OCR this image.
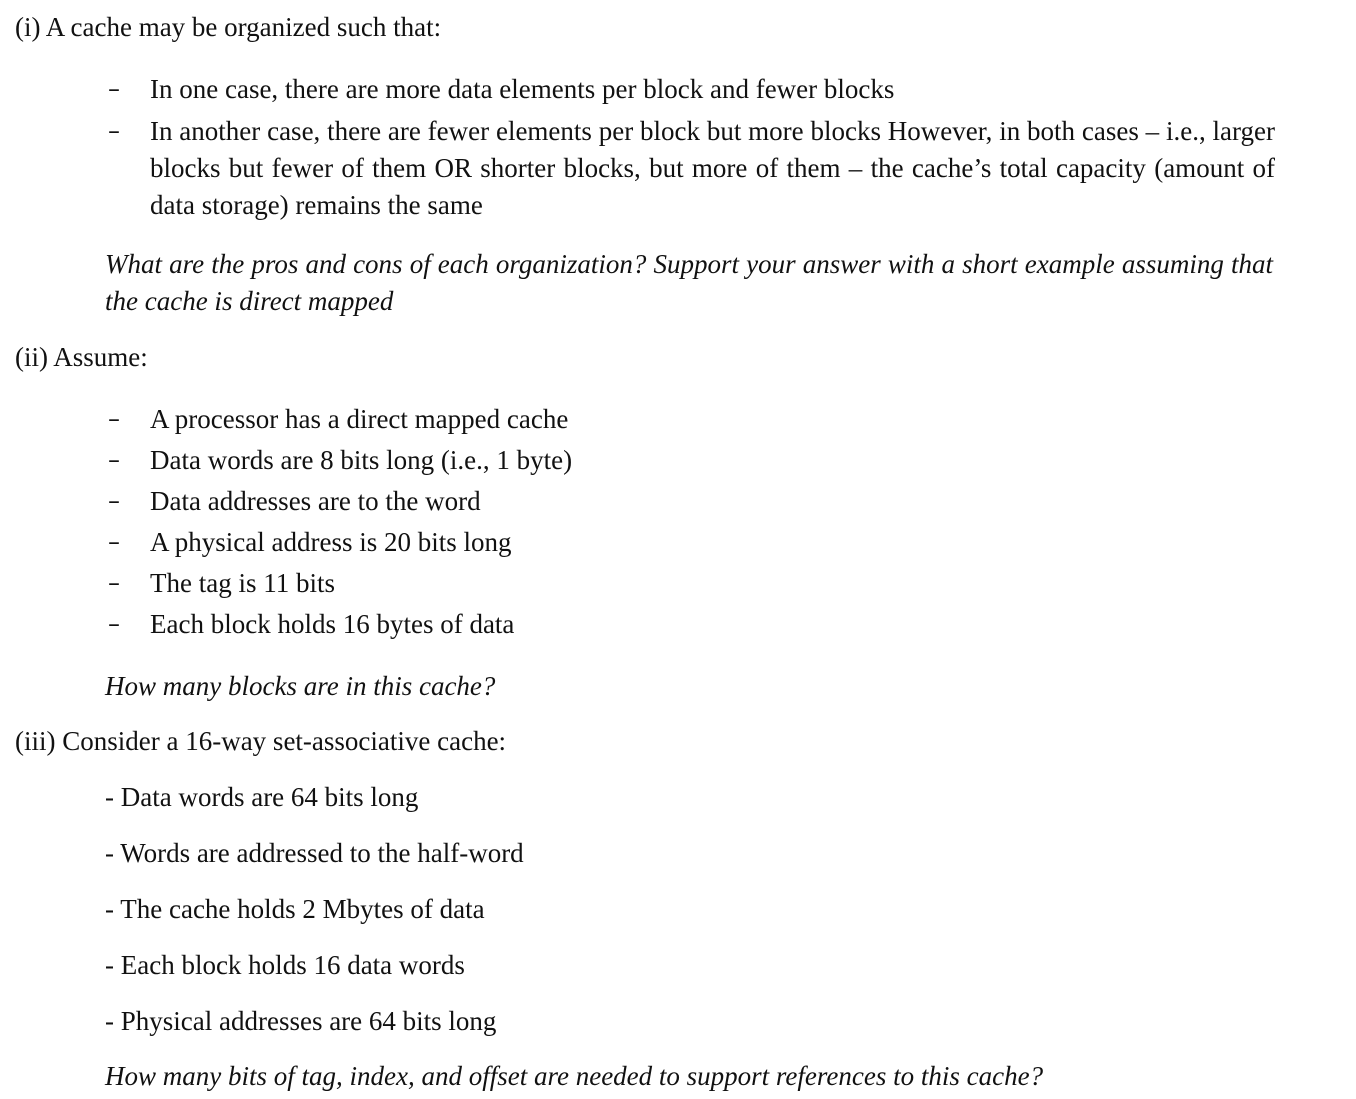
(i) A cache may be organized such that:
– In one case, there are more data elements per block and fewer blocks
– In another case, there are fewer elements per block but more blocks However, in both cases – i.e., larger blocks but fewer of them OR shorter blocks, but more of them – the cache’s total capacity (amount of data storage) remains the same

What are the pros and cons of each organization? Support your answer with a short example assuming that the cache is direct mapped

(ii) Assume:
– A processor has a direct mapped cache
– Data words are 8 bits long (i.e., 1 byte)
– Data addresses are to the word
– A physical address is 20 bits long
– The tag is 11 bits
– Each block holds 16 bytes of data

How many blocks are in this cache?

(iii) Consider a 16-way set-associative cache:
- Data words are 64 bits long
- Words are addressed to the half-word
- The cache holds 2 Mbytes of data
- Each block holds 16 data words
- Physical addresses are 64 bits long

How many bits of tag, index, and offset are needed to support references to this cache?
